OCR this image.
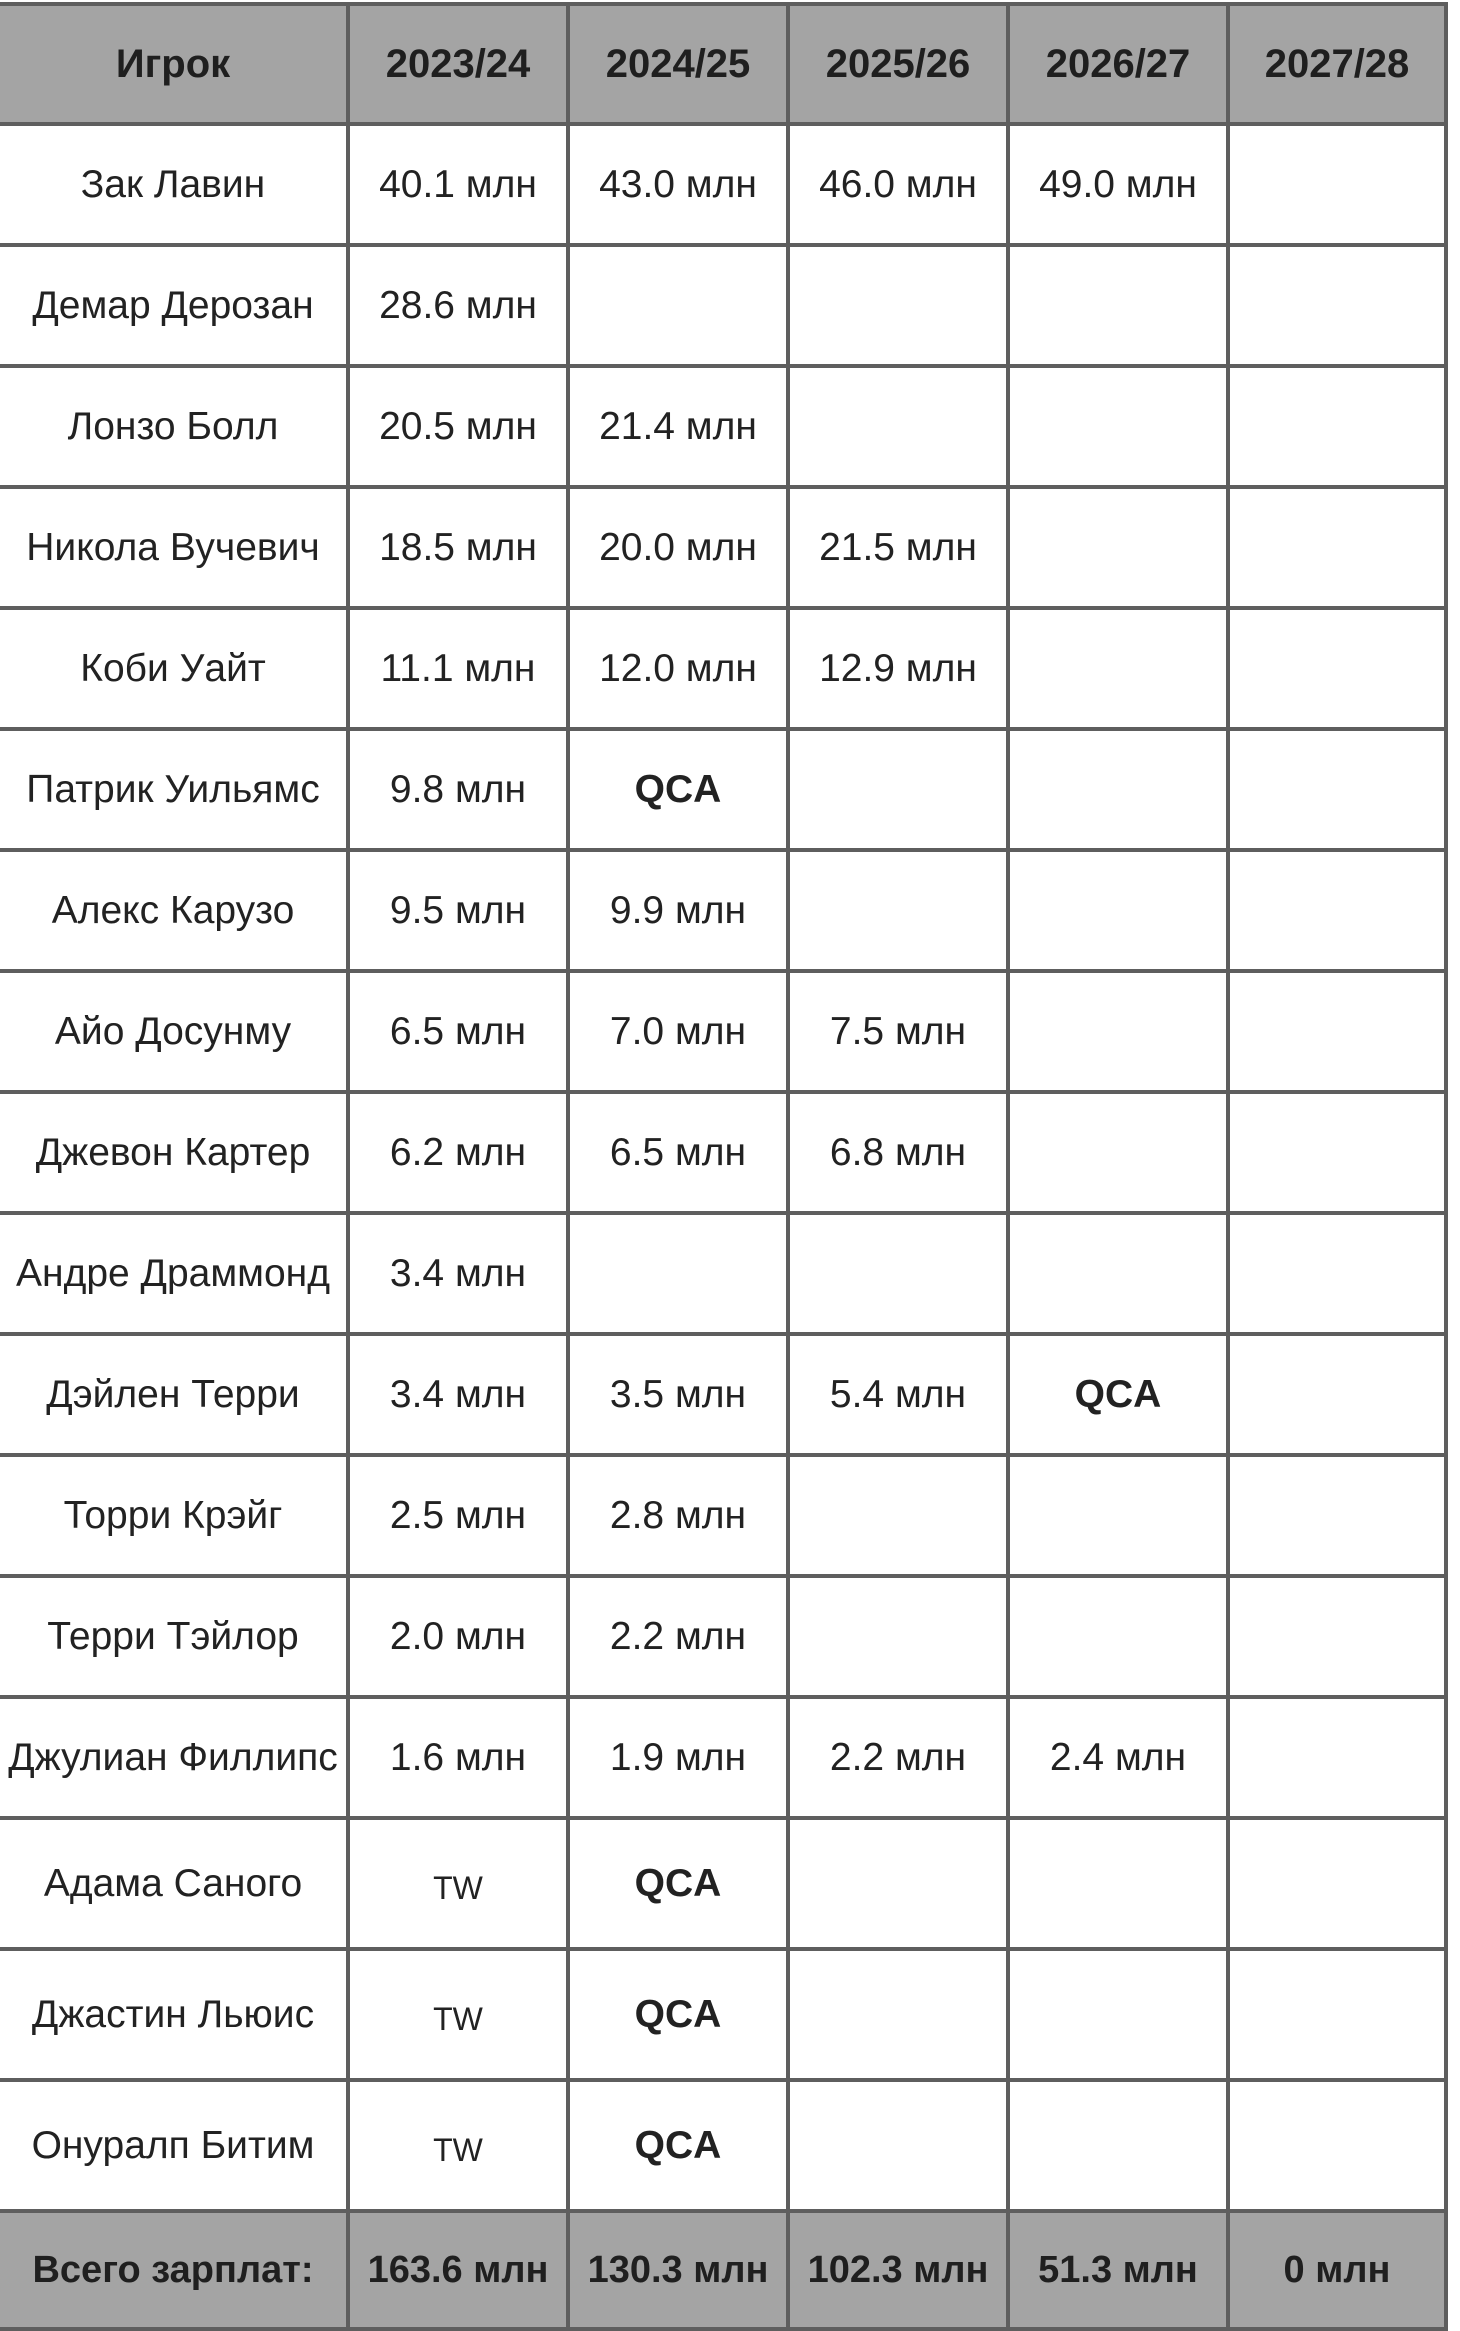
Игрок	2023/24	2024/25	2025/26	2026/27	2027/28
Зак Лавин	40.1 млн	43.0 млн	46.0 млн	49.0 млн	
Демар Дерозан	28.6 млн				
Лонзо Болл	20.5 млн	21.4 млн			
Никола Вучевич	18.5 млн	20.0 млн	21.5 млн		
Коби Уайт	11.1 млн	12.0 млн	12.9 млн		
Патрик Уильямс	9.8 млн	QCA			
Алекс Карузо	9.5 млн	9.9 млн			
Айо Досунму	6.5 млн	7.0 млн	7.5 млн		
Джевон Картер	6.2 млн	6.5 млн	6.8 млн		
Андре Драммонд	3.4 млн				
Дэйлен Терри	3.4 млн	3.5 млн	5.4 млн	QCA	
Торри Крэйг	2.5 млн	2.8 млн			
Терри Тэйлор	2.0 млн	2.2 млн			
Джулиан Филлипс	1.6 млн	1.9 млн	2.2 млн	2.4 млн	
Адама Саного	TW	QCA			
Джастин Льюис	TW	QCA			
Онуралп Битим	TW	QCA			
Всего зарплат:	163.6 млн	130.3 млн	102.3 млн	51.3 млн	0 млн
